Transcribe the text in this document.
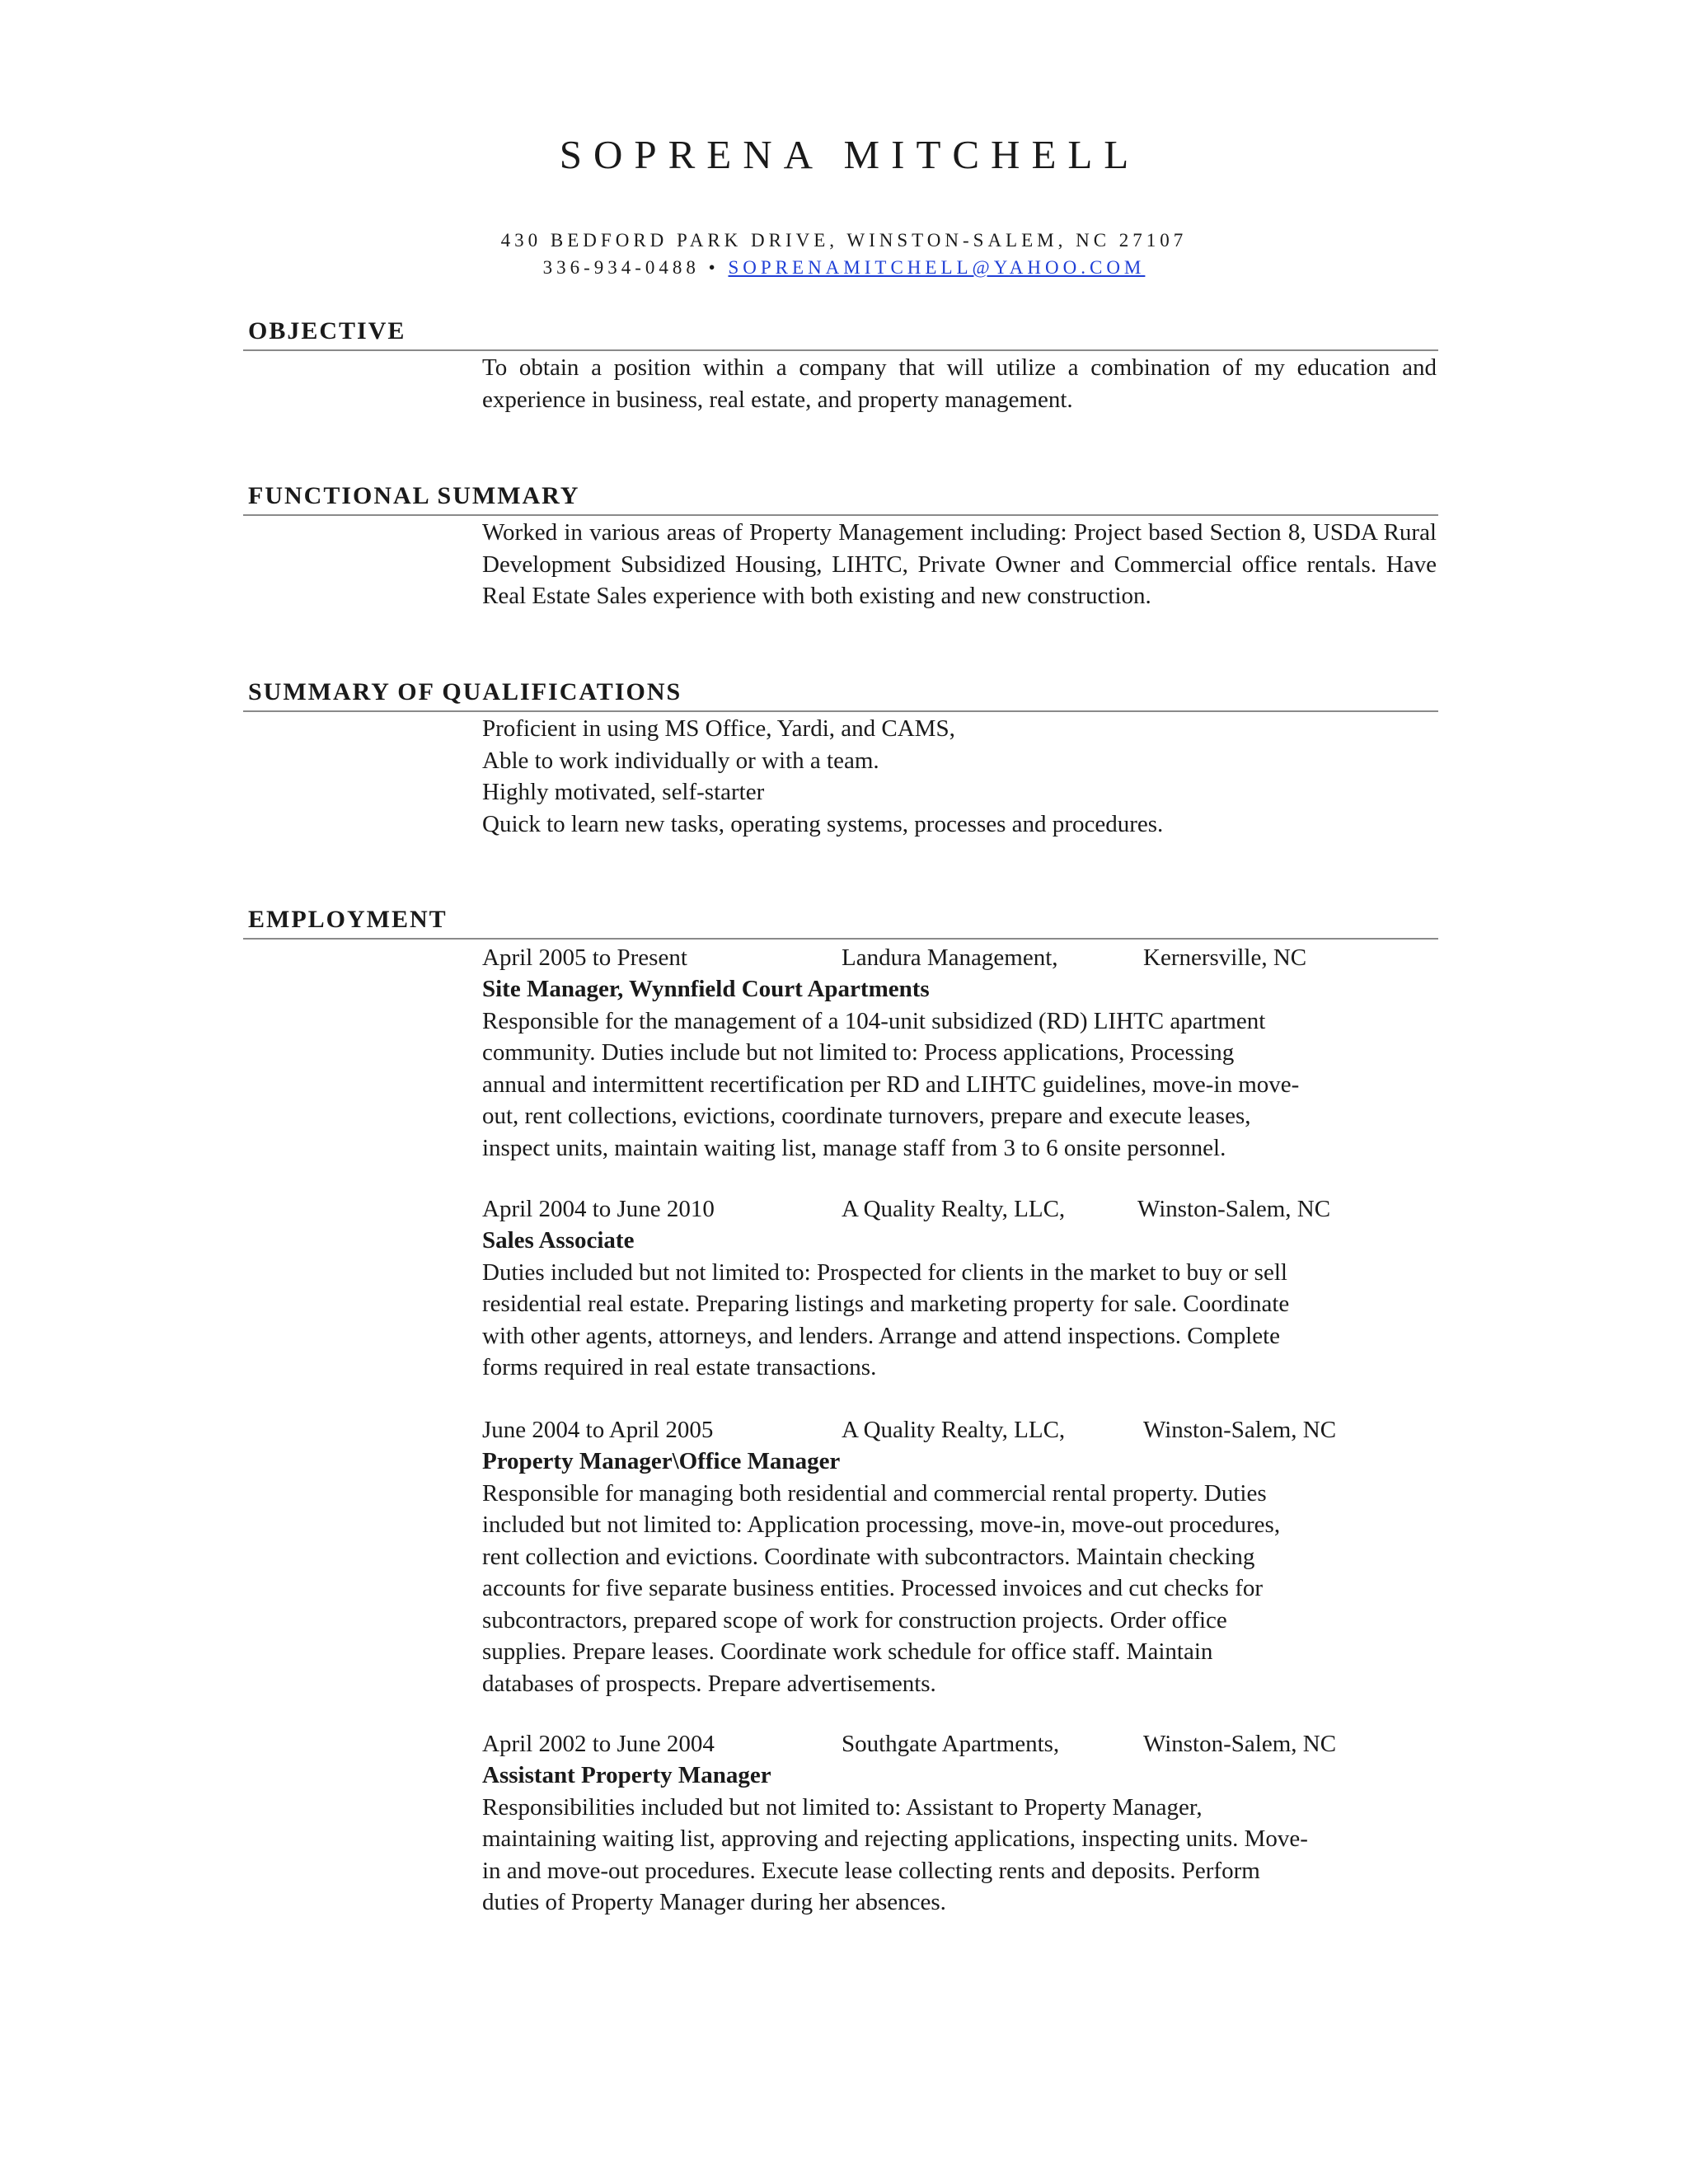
SOPRENA MITCHELL
430 BEDFORD PARK DRIVE, WINSTON-SALEM, NC 27107
336-934-0488 • SOPRENAMITCHELL@YAHOO.COM
OBJECTIVE
To obtain a position within a company that will utilize a combination of my education and experience in business, real estate, and property management.
FUNCTIONAL SUMMARY
Worked in various areas of Property Management including: Project based Section 8, USDA Rural Development Subsidized Housing, LIHTC, Private Owner and Commercial office rentals. Have Real Estate Sales experience with both existing and new construction.
SUMMARY OF QUALIFICATIONS
Proficient in using MS Office, Yardi, and CAMS,
Able to work individually or with a team.
Highly motivated, self-starter
Quick to learn new tasks, operating systems, processes and procedures.
EMPLOYMENT
April 2005 to Present	Landura Management,	Kernersville, NC
Site Manager, Wynnfield Court Apartments
Responsible for the management of a 104-unit subsidized (RD) LIHTC apartment
community. Duties include but not limited to: Process applications, Processing
annual and intermittent recertification per RD and LIHTC guidelines, move-in move-
out, rent collections, evictions, coordinate turnovers, prepare and execute leases,
inspect units, maintain waiting list, manage staff from 3 to 6 onsite personnel.
April 2004 to June 2010	A Quality Realty, LLC,	Winston-Salem, NC
Sales Associate
Duties included but not limited to: Prospected for clients in the market to buy or sell
residential real estate. Preparing listings and marketing property for sale. Coordinate
with other agents, attorneys, and lenders. Arrange and attend inspections. Complete
forms required in real estate transactions.
June 2004 to April 2005	A Quality Realty, LLC,	Winston-Salem, NC
Property Manager\Office Manager
Responsible for managing both residential and commercial rental property. Duties
included but not limited to: Application processing, move-in, move-out procedures,
rent collection and evictions. Coordinate with subcontractors. Maintain checking
accounts for five separate business entities. Processed invoices and cut checks for
subcontractors, prepared scope of work for construction projects. Order office
supplies. Prepare leases. Coordinate work schedule for office staff. Maintain
databases of prospects. Prepare advertisements.
April 2002 to June 2004	Southgate Apartments,	Winston-Salem, NC
Assistant Property Manager
Responsibilities included but not limited to: Assistant to Property Manager,
maintaining waiting list, approving and rejecting applications, inspecting units. Move-
in and move-out procedures. Execute lease collecting rents and deposits. Perform
duties of Property Manager during her absences.
